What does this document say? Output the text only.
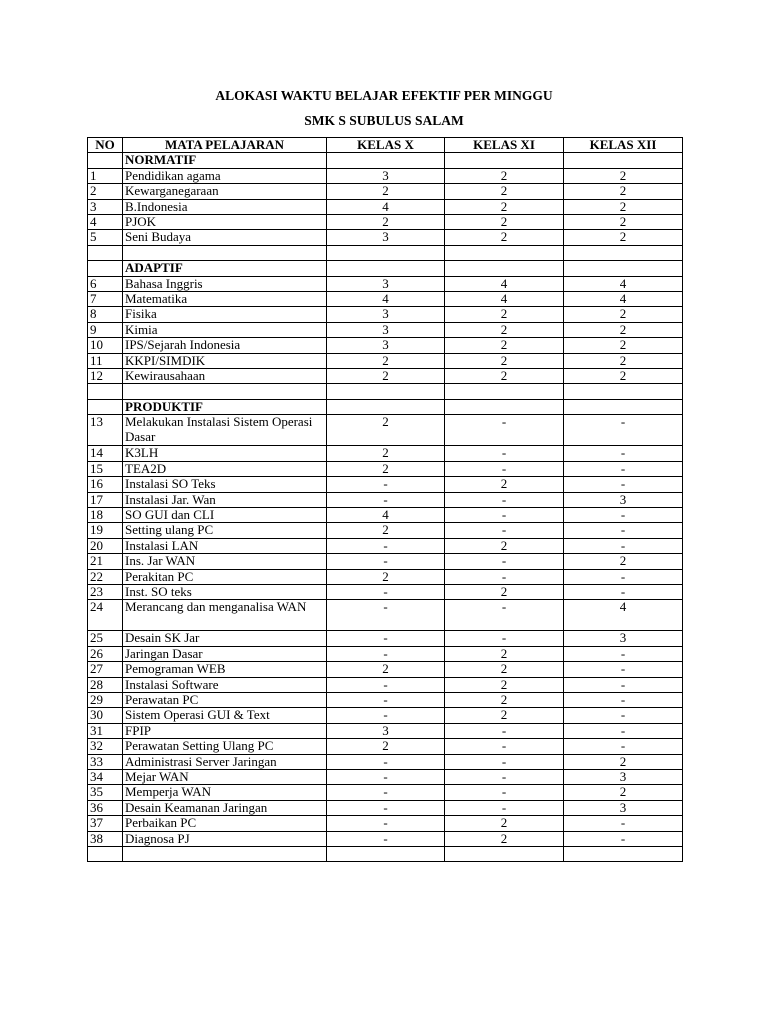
ALOKASI WAKTU BELAJAR EFEKTIF PER MINGGU
SMK S SUBULUS SALAM
NO	MATA PELAJARAN	KELAS X	KELAS XI	KELAS XII
	NORMATIF			
1	Pendidikan agama	3	2	2
2	Kewarganegaraan	2	2	2
3	B.Indonesia	4	2	2
4	PJOK	2	2	2
5	Seni Budaya	3	2	2

	ADAPTIF			
6	Bahasa Inggris	3	4	4
7	Matematika	4	4	4
8	Fisika	3	2	2
9	Kimia	3	2	2
10	IPS/Sejarah Indonesia	3	2	2
11	KKPI/SIMDIK	2	2	2
12	Kewirausahaan	2	2	2

	PRODUKTIF			
13	Melakukan Instalasi Sistem Operasi Dasar	2	-	-
14	K3LH	2	-	-
15	TEA2D	2	-	-
16	Instalasi SO Teks	-	2	-
17	Instalasi Jar. Wan	-	-	3
18	SO GUI dan CLI	4	-	-
19	Setting ulang PC	2	-	-
20	Instalasi LAN	-	2	-
21	Ins. Jar WAN	-	-	2
22	Perakitan PC	2	-	-
23	Inst. SO teks	-	2	-
24	Merancang dan menganalisa WAN	-	-	4
25	Desain SK Jar	-	-	3
26	Jaringan Dasar	-	2	-
27	Pemograman WEB	2	2	-
28	Instalasi Software	-	2	-
29	Perawatan PC	-	2	-
30	Sistem Operasi GUI & Text	-	2	-
31	FPIP	3	-	-
32	Perawatan Setting Ulang PC	2	-	-
33	Administrasi Server Jaringan	-	-	2
34	Mejar WAN	-	-	3
35	Memperja WAN	-	-	2
36	Desain Keamanan Jaringan	-	-	3
37	Perbaikan PC	-	2	-
38	Diagnosa PJ	-	2	-
